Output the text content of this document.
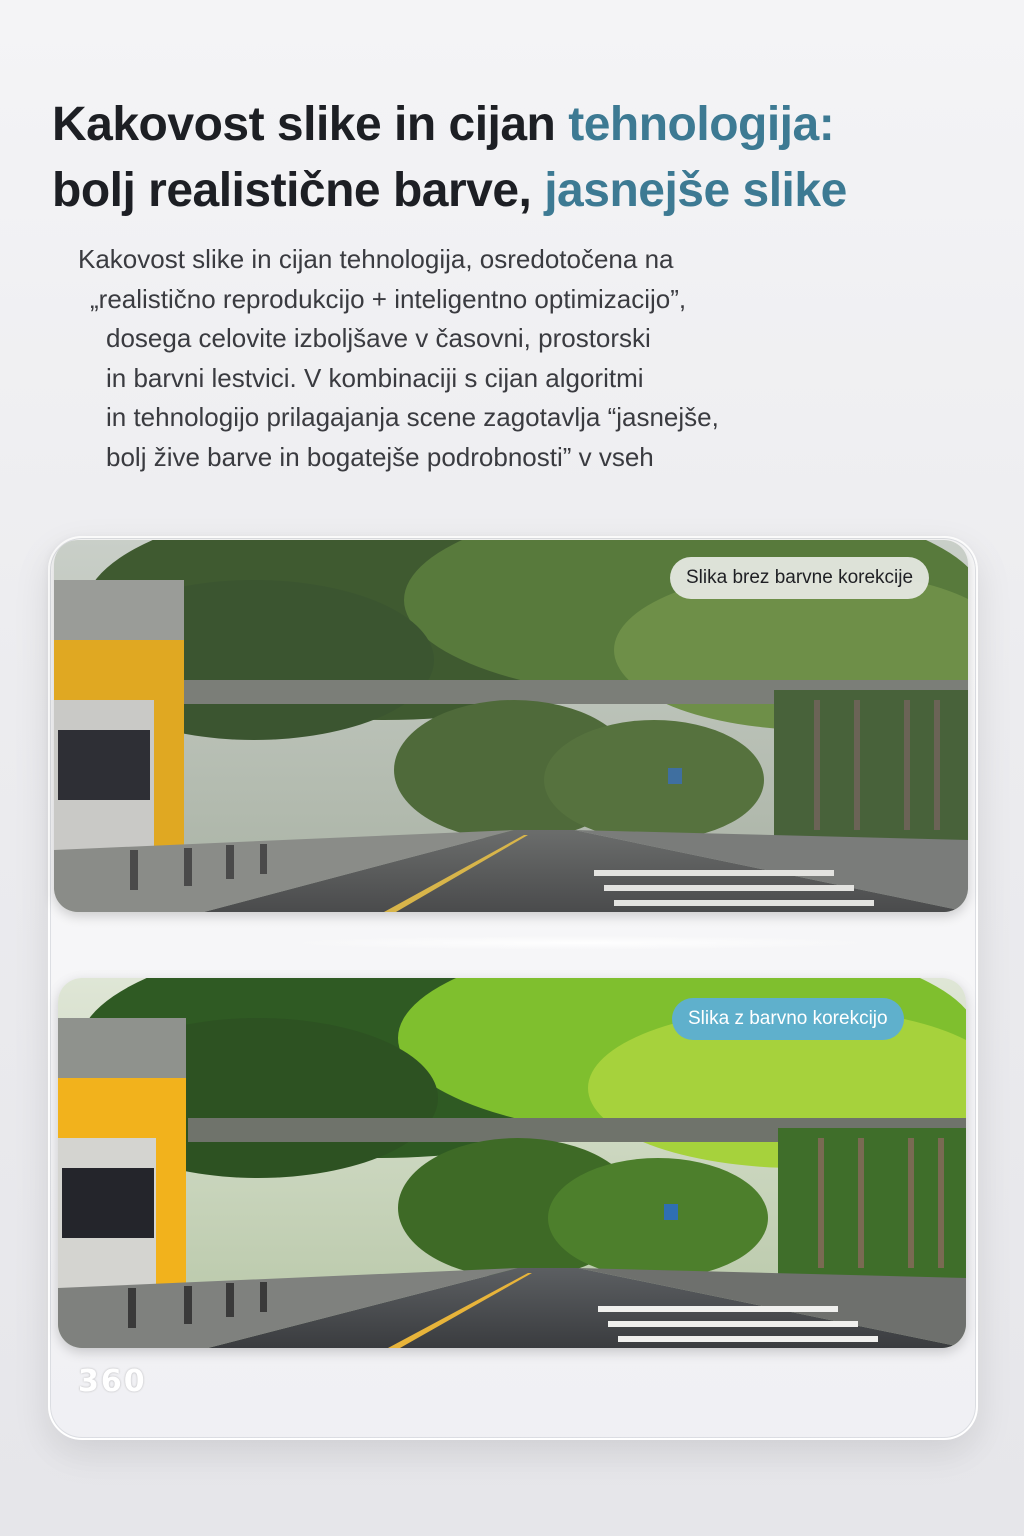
Kakovost slike in cijan tehnologija:
bolj realistične barve, jasnejše slike
Kakovost slike in cijan tehnologija, osredotočena na
„realistično reprodukcijo + inteligentno optimizacijo”,
dosega celovite izboljšave v časovni, prostorski
in barvni lestvici. V kombinaciji s cijan algoritmi
in tehnologijo prilagajanja scene zagotavlja “jasnejše,
bolj žive barve in bogatejše podrobnosti” v vseh
Slika brez barvne korekcije
Slika z barvno korekcijo
360
